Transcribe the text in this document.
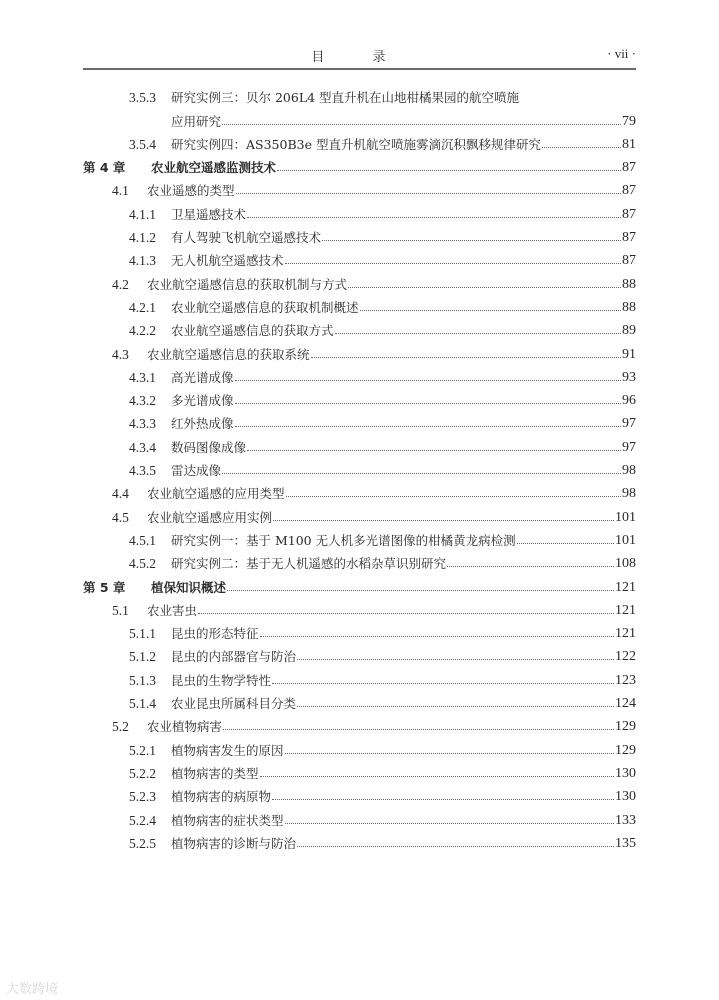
目 录	· vii ·
3.5.3	研究实例三：贝尔 206L4 型直升机在山地柑橘果园的航空喷施
应用研究	79
3.5.4	研究实例四：AS350B3e 型直升机航空喷施雾滴沉积飘移规律研究	81
第 4 章	农业航空遥感监测技术	87
4.1	农业遥感的类型	87
4.1.1	卫星遥感技术	87
4.1.2	有人驾驶飞机航空遥感技术	87
4.1.3	无人机航空遥感技术	87
4.2	农业航空遥感信息的获取机制与方式	88
4.2.1	农业航空遥感信息的获取机制概述	88
4.2.2	农业航空遥感信息的获取方式	89
4.3	农业航空遥感信息的获取系统	91
4.3.1	高光谱成像	93
4.3.2	多光谱成像	96
4.3.3	红外热成像	97
4.3.4	数码图像成像	97
4.3.5	雷达成像	98
4.4	农业航空遥感的应用类型	98
4.5	农业航空遥感应用实例	101
4.5.1	研究实例一：基于 M100 无人机多光谱图像的柑橘黄龙病检测	101
4.5.2	研究实例二：基于无人机遥感的水稻杂草识别研究	108
第 5 章	植保知识概述	121
5.1	农业害虫	121
5.1.1	昆虫的形态特征	121
5.1.2	昆虫的内部器官与防治	122
5.1.3	昆虫的生物学特性	123
5.1.4	农业昆虫所属科目分类	124
5.2	农业植物病害	129
5.2.1	植物病害发生的原因	129
5.2.2	植物病害的类型	130
5.2.3	植物病害的病原物	130
5.2.4	植物病害的症状类型	133
5.2.5	植物病害的诊断与防治	135
大数跨境
